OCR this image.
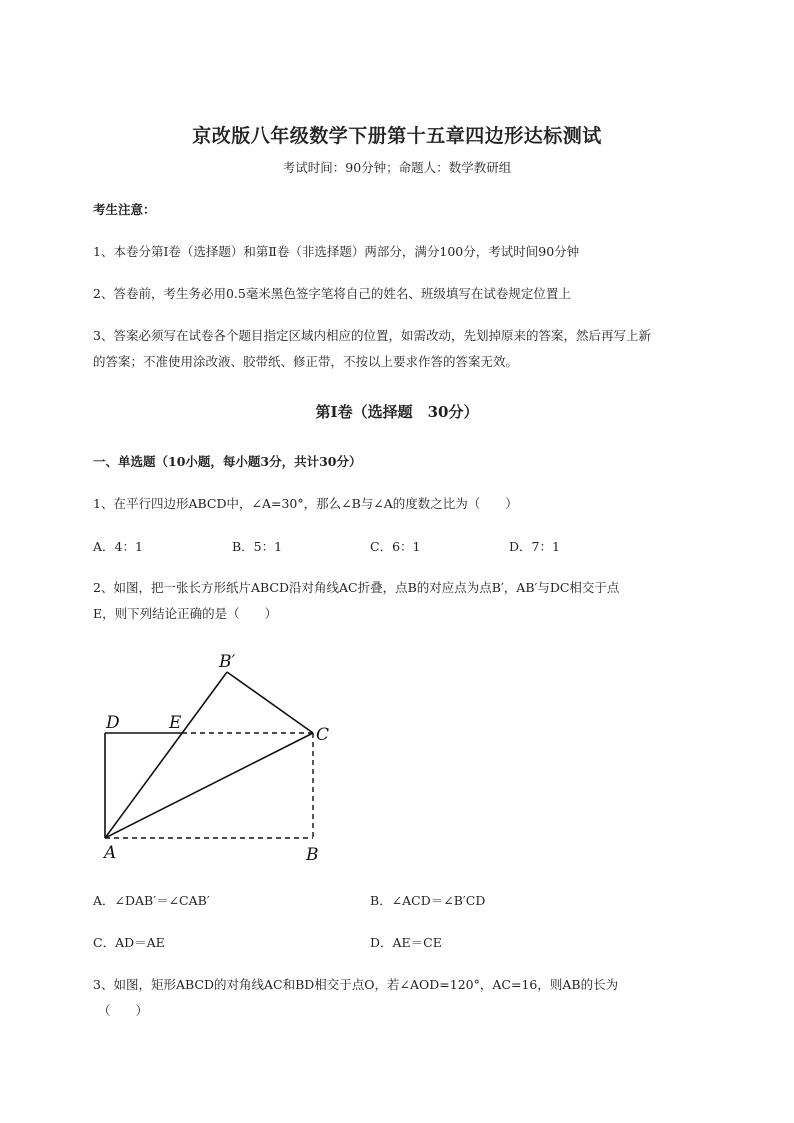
京改版八年级数学下册第十五章四边形达标测试
考试时间：90分钟；命题人：数学教研组
考生注意：
1、本卷分第I卷（选择题）和第Ⅱ卷（非选择题）两部分，满分100分，考试时间90分钟
2、答卷前，考生务必用0.5毫米黑色签字笔将自己的姓名、班级填写在试卷规定位置上
3、答案必须写在试卷各个题目指定区域内相应的位置，如需改动，先划掉原来的答案，然后再写上新
的答案；不准使用涂改液、胶带纸、修正带，不按以上要求作答的答案无效。
第I卷（选择题　30分）
一、单选题（10小题，每小题3分，共计30分）
1、在平行四边形ABCD中，∠A=30°，那么∠B与∠A的度数之比为（　　）
A．4：1	B．5：1	C．6：1	D．7：1
2、如图，把一张长方形纸片ABCD沿对角线AC折叠，点B的对应点为点B′，AB′与DC相交于点
E，则下列结论正确的是（　　）
B′
D	E
C
A	B
A．∠DAB′＝∠CAB′	B．∠ACD＝∠B′CD
C．AD＝AE	D．AE＝CE
3、如图，矩形ABCD的对角线AC和BD相交于点O，若∠AOD=120°，AC=16，则AB的长为
（　　）
